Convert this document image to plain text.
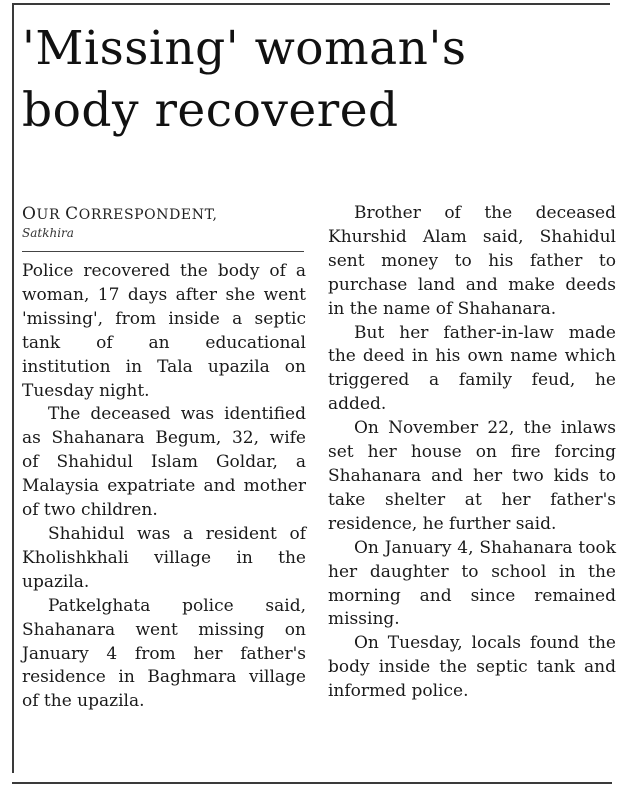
'Missing' woman's
body recovered
OUR CORRESPONDENT,
Satkhira

Police recovered the body of a woman, 17 days after she went 'missing', from inside a septic tank of an educational institution in Tala upazila on Tuesday night.

The deceased was identified as Shahanara Begum, 32, wife of Shahidul Islam Goldar, a Malaysia expatriate and mother of two children.

Shahidul was a resident of Kholishkhali village in the upazila.

Patkelghata police said, Shahanara went missing on January 4 from her father's residence in Baghmara village of the upazila.

Brother of the deceased Khurshid Alam said, Shahidul sent money to his father to purchase land and make deeds in the name of Shahanara.

But her father-in-law made the deed in his own name which triggered a family feud, he added.

On November 22, the inlaws set her house on fire forcing Shahanara and her two kids to take shelter at her father's residence, he further said.

On January 4, Shahanara took her daughter to school in the morning and since remained missing.

On Tuesday, locals found the body inside the septic tank and informed police.
